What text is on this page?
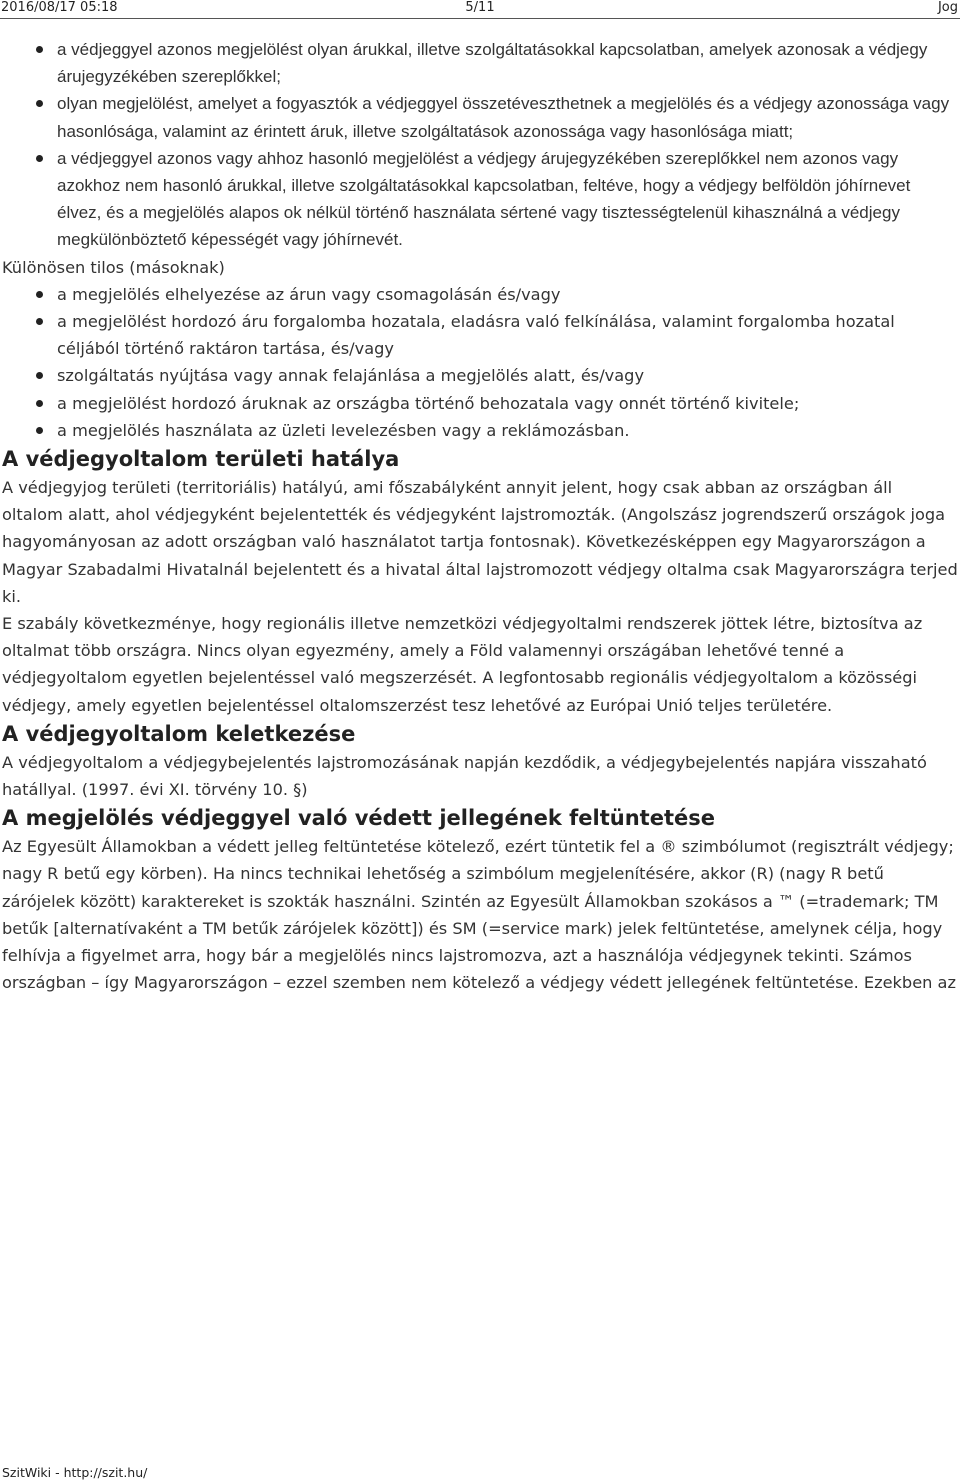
2016/08/17 05:18	5/11	Jog
a védjeggyel azonos megjelölést olyan árukkal, illetve szolgáltatásokkal kapcsolatban, amelyek azonosak a védjegy árujegyzékében szereplőkkel;
olyan megjelölést, amelyet a fogyasztók a védjeggyel összetéveszthetnek a megjelölés és a védjegy azonossága vagy hasonlósága, valamint az érintett áruk, illetve szolgáltatások azonossága vagy hasonlósága miatt;
a védjeggyel azonos vagy ahhoz hasonló megjelölést a védjegy árujegyzékében szereplőkkel nem azonos vagy azokhoz nem hasonló árukkal, illetve szolgáltatásokkal kapcsolatban, feltéve, hogy a védjegy belföldön jóhírnevet élvez, és a megjelölés alapos ok nélkül történő használata sértené vagy tisztességtelenül kihasználná a védjegy megkülönböztető képességét vagy jóhírnevét.

Különösen tilos (másoknak)

a megjelölés elhelyezése az árun vagy csomagolásán és/vagy
a megjelölést hordozó áru forgalomba hozatala, eladásra való felkínálása, valamint forgalomba hozatal céljából történő raktáron tartása, és/vagy
szolgáltatás nyújtása vagy annak felajánlása a megjelölés alatt, és/vagy
a megjelölést hordozó áruknak az országba történő behozatala vagy onnét történő kivitele;
a megjelölés használata az üzleti levelezésben vagy a reklámozásban.
A védjegyoltalom területi hatálya

A védjegyjog területi (territoriális) hatályú, ami főszabályként annyit jelent, hogy csak abban az országban áll oltalom alatt, ahol védjegyként bejelentették és védjegyként lajstromozták. (Angolszász jogrendszerű országok joga hagyományosan az adott országban való használatot tartja fontosnak). Következésképpen egy Magyarországon a Magyar Szabadalmi Hivatalnál bejelentett és a hivatal által lajstromozott védjegy oltalma csak Magyarországra terjed ki.

E szabály következménye, hogy regionális illetve nemzetközi védjegyoltalmi rendszerek jöttek létre, biztosítva az oltalmat több országra. Nincs olyan egyezmény, amely a Föld valamennyi országában lehetővé tenné a védjegyoltalom egyetlen bejelentéssel való megszerzését. A legfontosabb regionális védjegyoltalom a közösségi védjegy, amely egyetlen bejelentéssel oltalomszerzést tesz lehetővé az Európai Unió teljes területére.

A védjegyoltalom keletkezése

A védjegyoltalom a védjegybejelentés lajstromozásának napján kezdődik, a védjegybejelentés napjára visszaható hatállyal. (1997. évi XI. törvény 10. §)

A megjelölés védjeggyel való védett jellegének feltüntetése

Az Egyesült Államokban a védett jelleg feltüntetése kötelező, ezért tüntetik fel a ® szimbólumot (regisztrált védjegy; nagy R betű egy körben). Ha nincs technikai lehetőség a szimbólum megjelenítésére, akkor (R) (nagy R betű zárójelek között) karaktereket is szokták használni. Szintén az Egyesült Államokban szokásos a ™ (=trademark; TM betűk [alternatívaként a TM betűk zárójelek között]) és SM (=service mark) jelek feltüntetése, amelynek célja, hogy felhívja a figyelmet arra, hogy bár a megjelölés nincs lajstromozva, azt a használója védjegynek tekinti. Számos országban – így Magyarországon – ezzel szemben nem kötelező a védjegy védett jellegének feltüntetése. Ezekben az

SzitWiki - http://szit.hu/
